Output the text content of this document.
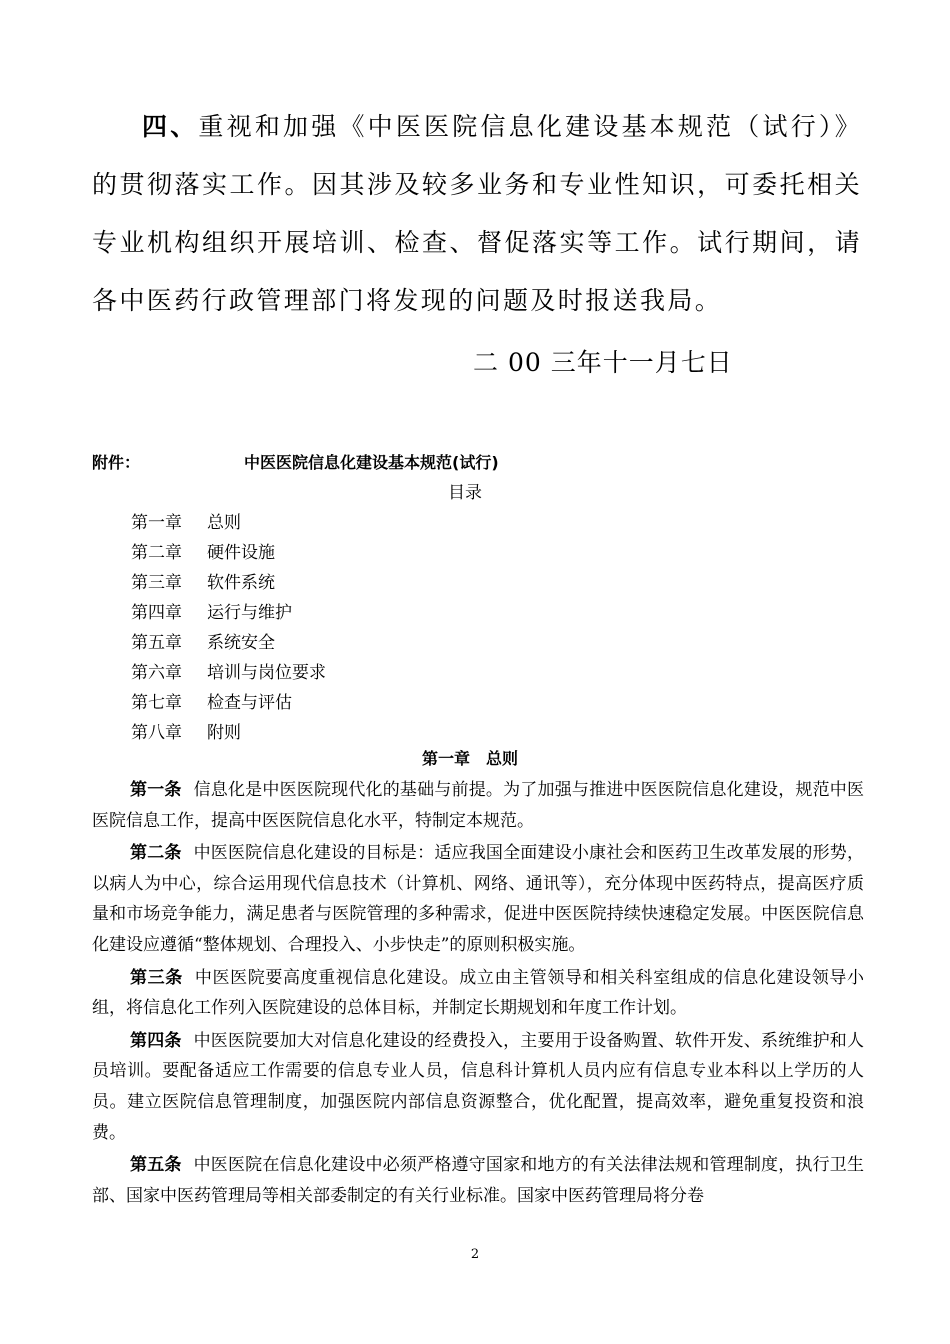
四、重视和加强《中医医院信息化建设基本规范（试行）》的贯彻落实工作。因其涉及较多业务和专业性知识，可委托相关专业机构组织开展培训、检查、督促落实等工作。试行期间，请各中医药行政管理部门将发现的问题及时报送我局。

二 00 三年十一月七日
附件：	中医医院信息化建设基本规范(试行)
目录
第一章 总则
第二章 硬件设施
第三章 软件系统
第四章 运行与维护
第五章 系统安全
第六章 培训与岗位要求
第七章 检查与评估
第八章 附则
第一章　总则

第一条 信息化是中医医院现代化的基础与前提。为了加强与推进中医医院信息化建设，规范中医医院信息工作，提高中医医院信息化水平，特制定本规范。

第二条 中医医院信息化建设的目标是：适应我国全面建设小康社会和医药卫生改革发展的形势，以病人为中心，综合运用现代信息技术（计算机、网络、通讯等），充分体现中医药特点，提高医疗质量和市场竞争能力，满足患者与医院管理的多种需求，促进中医医院持续快速稳定发展。中医医院信息化建设应遵循“整体规划、合理投入、小步快走”的原则积极实施。

第三条 中医医院要高度重视信息化建设。成立由主管领导和相关科室组成的信息化建设领导小组，将信息化工作列入医院建设的总体目标，并制定长期规划和年度工作计划。

第四条 中医医院要加大对信息化建设的经费投入，主要用于设备购置、软件开发、系统维护和人员培训。要配备适应工作需要的信息专业人员，信息科计算机人员内应有信息专业本科以上学历的人员。建立医院信息管理制度，加强医院内部信息资源整合，优化配置，提高效率，避免重复投资和浪费。

第五条 中医医院在信息化建设中必须严格遵守国家和地方的有关法律法规和管理制度，执行卫生部、国家中医药管理局等相关部委制定的有关行业标准。国家中医药管理局将分卷

2
